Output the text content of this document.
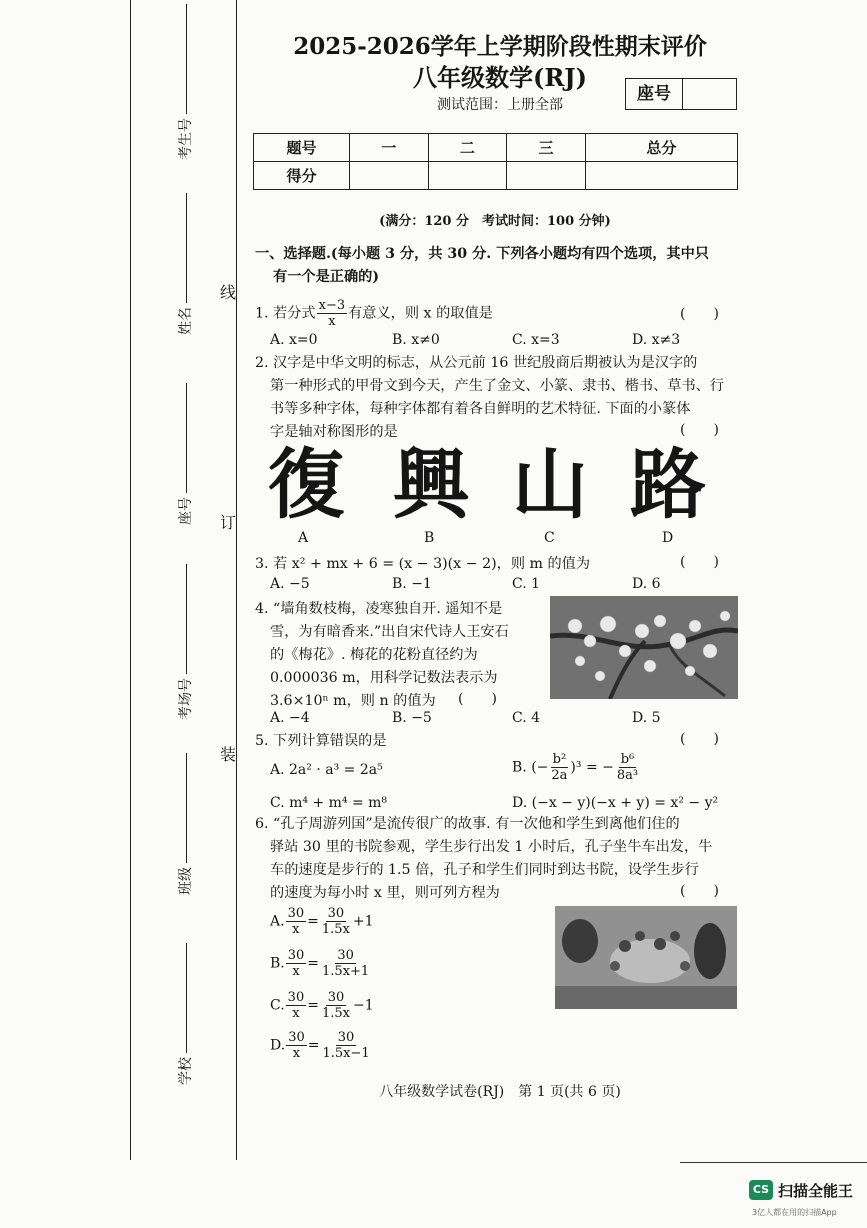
考生号
姓名
座号
考场号
班级
学校
线
订
装
2025-2026学年上学期阶段性期末评价
八年级数学(RJ)
测试范围：上册全部
座号
题号	一	二	三	总分
得分				
(满分：120 分　考试时间：100 分钟)
一、选择题.(每小题 3 分，共 30 分. 下列各小题均有四个选项，其中只
有一个是正确的)
1. 若分式 $\frac{x-3}{x}$ 有意义，则 x 的取值是	(　　)
A. x=0	B. x≠0	C. x=3	D. x≠3
2. 汉字是中华文明的标志，从公元前 16 世纪殷商后期被认为是汉字的
第一种形式的甲骨文到今天，产生了金文、小篆、隶书、楷书、草书、行
书等多种字体，每种字体都有着各自鲜明的艺术特征. 下面的小篆体
字是轴对称图形的是	(　　)
復 興 山 路
A	B	C	D
3. 若 x² + mx + 6 = (x − 3)(x − 2)，则 m 的值为	(　　)
A. −5	B. −1	C. 1	D. 6
4. “墙角数枝梅，凌寒独自开. 遥知不是
雪，为有暗香来.”出自宋代诗人王安石
的《梅花》. 梅花的花粉直径约为
0.000036 m，用科学记数法表示为
3.6×10ⁿ m，则 n 的值为 (　　)
A. −4	B. −5	C. 4	D. 5
5. 下列计算错误的是	(　　)
A. 2a² · a³ = 2a⁵	B. (− $\frac{\text{b²}}{2a} )^3$ = − $\frac{\text{b⁶}}{\text{8a³}}$
C. m⁴ + m⁴ = m⁸	D. (−x − y)(−x + y) = x² − y²
6. “孔子周游列国”是流传很广的故事. 有一次他和学生到离他们住的
驿站 30 里的书院参观，学生步行出发 1 小时后，孔子坐牛车出发，牛
车的速度是步行的 1.5 倍，孔子和学生们同时到达书院，设学生步行
的速度为每小时 x 里，则可列方程为	(　　)
A. $\frac{30}{x} = \frac{30}{1.5x} +1$
B. $\frac{30}{x} = \frac{30}{1.5x+1}$
C. $\frac{30}{x} = \frac{30}{1.5x} -1$
D. $\frac{30}{x} = \frac{30}{1.5x-1}$
八年级数学试卷(RJ)　第 1 页(共 6 页)
CS 扫描全能王
3亿人都在用的扫描App
